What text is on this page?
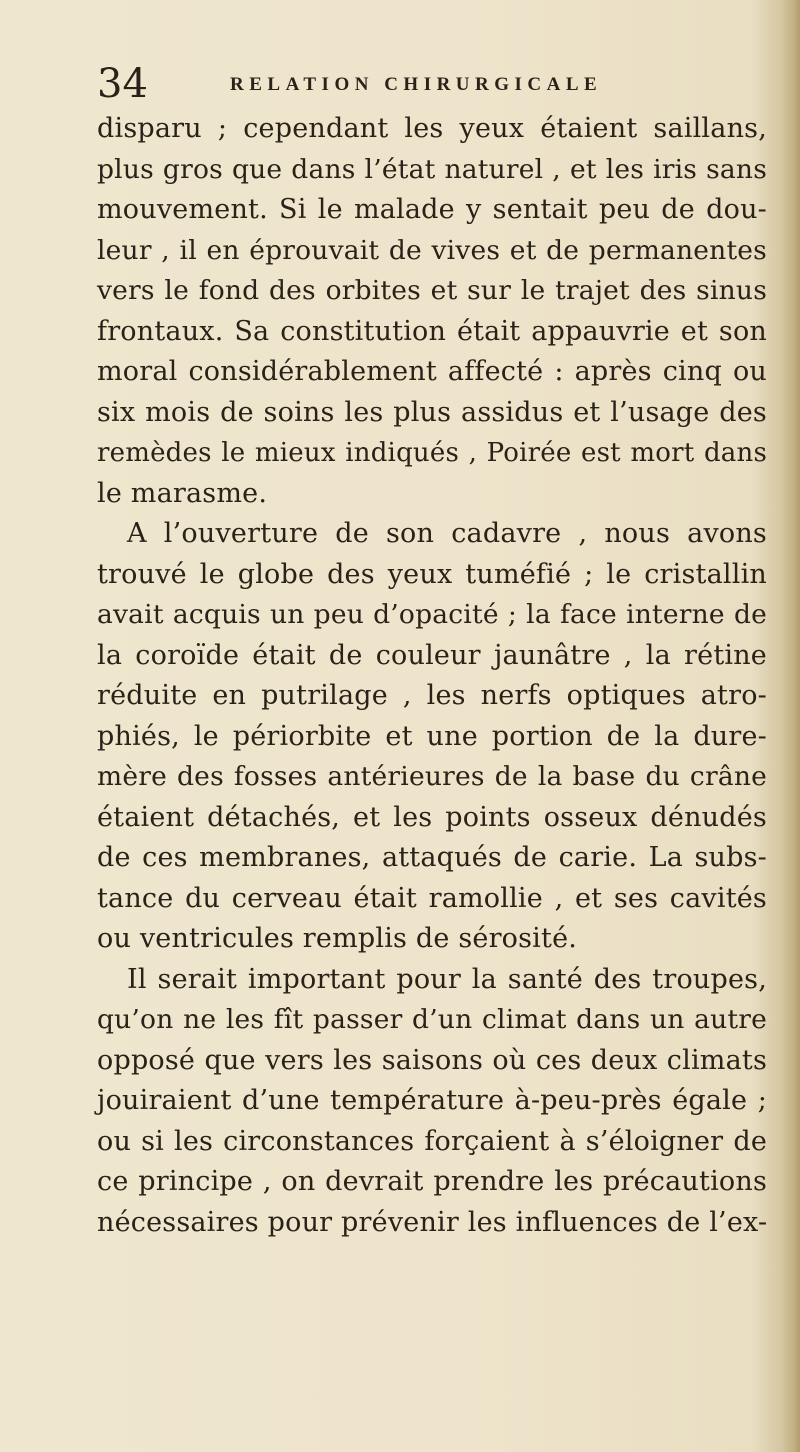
34	RELATION CHIRURGICALE
disparu ; cependant les yeux étaient saillans,
plus gros que dans l’état naturel , et les iris sans
mouvement. Si le malade y sentait peu de dou-
leur , il en éprouvait de vives et de permanentes
vers le fond des orbites et sur le trajet des sinus
frontaux. Sa constitution était appauvrie et son
moral considérablement affecté : après cinq ou
six mois de soins les plus assidus et l’usage des
remèdes le mieux indiqués , Poirée est mort dans
le marasme.
A l’ouverture de son cadavre , nous avons
trouvé le globe des yeux tuméfié ; le cristallin
avait acquis un peu d’opacité ; la face interne de
la coroïde était de couleur jaunâtre , la rétine
réduite en putrilage , les nerfs optiques atro-
phiés, le périorbite et une portion de la dure-
mère des fosses antérieures de la base du crâne
étaient détachés, et les points osseux dénudés
de ces membranes, attaqués de carie. La subs-
tance du cerveau était ramollie , et ses cavités
ou ventricules remplis de sérosité.
Il serait important pour la santé des troupes,
qu’on ne les fît passer d’un climat dans un autre
opposé que vers les saisons où ces deux climats
jouiraient d’une température à-peu-près égale ;
ou si les circonstances forçaient à s’éloigner de
ce principe , on devrait prendre les précautions
nécessaires pour prévenir les influences de l’ex-
